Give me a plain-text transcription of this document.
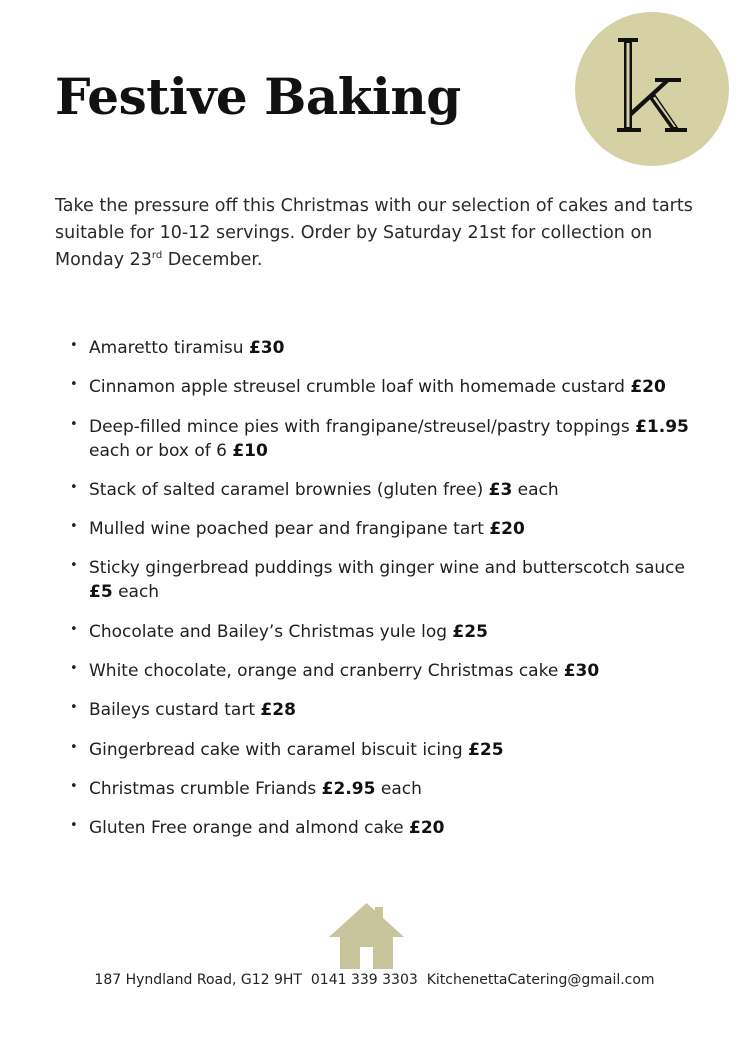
Festive Baking

Take the pressure off this Christmas with our selection of cakes and tarts suitable for 10-12 servings. Order by Saturday 21st for collection on Monday 23rd December.

• Amaretto tiramisu £30
• Cinnamon apple streusel crumble loaf with homemade custard £20
• Deep-filled mince pies with frangipane/streusel/pastry toppings £1.95 each or box of 6 £10
• Stack of salted caramel brownies (gluten free) £3 each
• Mulled wine poached pear and frangipane tart £20
• Sticky gingerbread puddings with ginger wine and butterscotch sauce £5 each
• Chocolate and Bailey’s Christmas yule log £25
• White chocolate, orange and cranberry Christmas cake £30
• Baileys custard tart £28
• Gingerbread cake with caramel biscuit icing £25
• Christmas crumble Friands £2.95 each
• Gluten Free orange and almond cake £20
187 Hyndland Road, G12 9HT 0141 339 3303 KitchenettaCatering@gmail.com
